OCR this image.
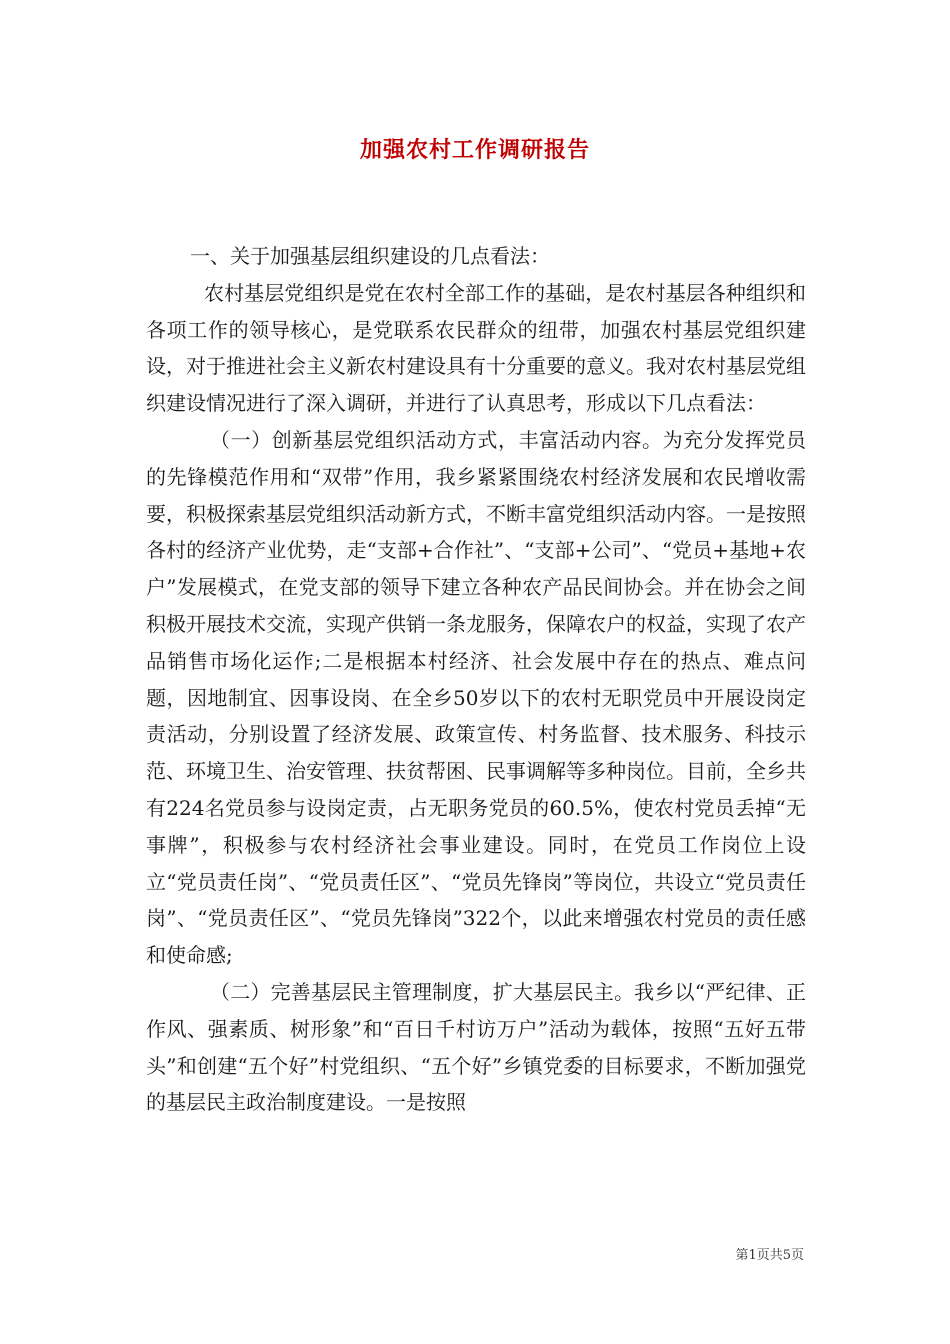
加强农村工作调研报告

一、关于加强基层组织建设的几点看法：

农村基层党组织是党在农村全部工作的基础，是农村基层各种组织和各项工作的领导核心，是党联系农民群众的纽带，加强农村基层党组织建设，对于推进社会主义新农村建设具有十分重要的意义。我对农村基层党组织建设情况进行了深入调研，并进行了认真思考，形成以下几点看法：

（一）创新基层党组织活动方式，丰富活动内容。为充分发挥党员的先锋模范作用和“双带”作用，我乡紧紧围绕农村经济发展和农民增收需要，积极探索基层党组织活动新方式，不断丰富党组织活动内容。一是按照各村的经济产业优势，走“支部+合作社”、“支部+公司”、“党员+基地+农户”发展模式，在党支部的领导下建立各种农产品民间协会。并在协会之间积极开展技术交流，实现产供销一条龙服务，保障农户的权益，实现了农产品销售市场化运作;二是根据本村经济、社会发展中存在的热点、难点问题，因地制宜、因事设岗、在全乡50岁以下的农村无职党员中开展设岗定责活动，分别设置了经济发展、政策宣传、村务监督、技术服务、科技示范、环境卫生、治安管理、扶贫帮困、民事调解等多种岗位。目前，全乡共有224名党员参与设岗定责，占无职务党员的60.5%，使农村党员丢掉“无事牌”，积极参与农村经济社会事业建设。同时，在党员工作岗位上设立“党员责任岗”、“党员责任区”、“党员先锋岗”等岗位，共设立“党员责任岗”、“党员责任区”、“党员先锋岗”322个，以此来增强农村党员的责任感和使命感;

（二）完善基层民主管理制度，扩大基层民主。我乡以“严纪律、正作风、强素质、树形象”和“百日千村访万户”活动为载体，按照“五好五带头”和创建“五个好”村党组织、“五个好”乡镇党委的目标要求，不断加强党的基层民主政治制度建设。一是按照

第1页共5页
